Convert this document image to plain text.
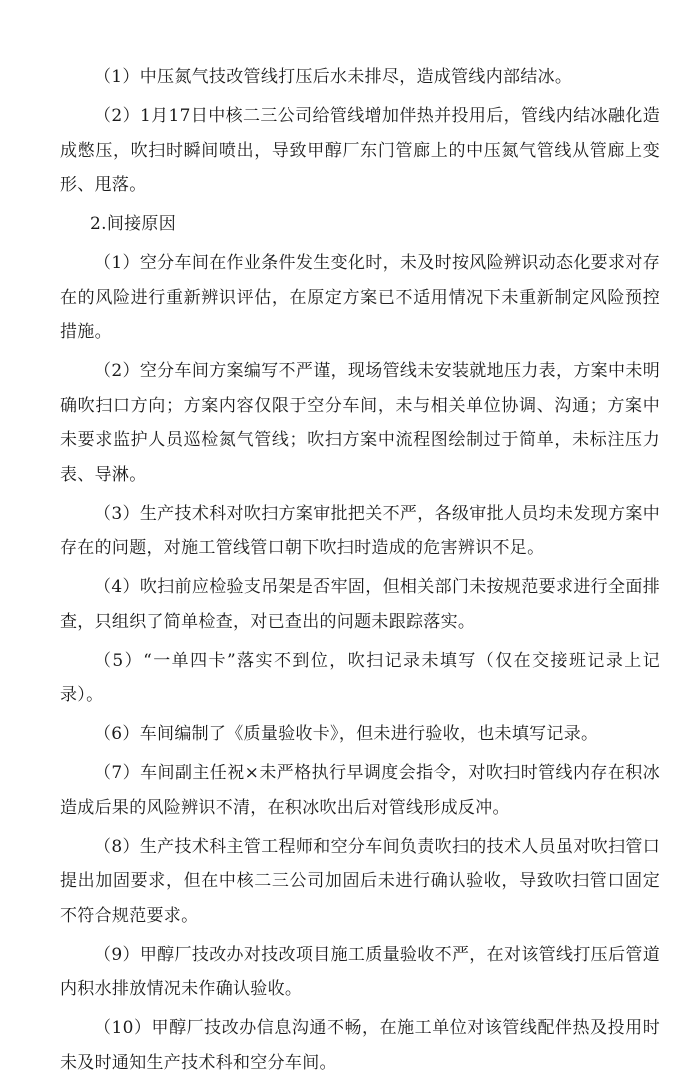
（1）中压氮气技改管线打压后水未排尽，造成管线内部结冰。

（2）1月17日中核二三公司给管线增加伴热并投用后，管线内结冰融化造成憋压，吹扫时瞬间喷出，导致甲醇厂东门管廊上的中压氮气管线从管廊上变形、甩落。

2.间接原因

（1）空分车间在作业条件发生变化时，未及时按风险辨识动态化要求对存在的风险进行重新辨识评估，在原定方案已不适用情况下未重新制定风险预控措施。

（2）空分车间方案编写不严谨，现场管线未安装就地压力表，方案中未明确吹扫口方向；方案内容仅限于空分车间，未与相关单位协调、沟通；方案中未要求监护人员巡检氮气管线；吹扫方案中流程图绘制过于简单，未标注压力表、导淋。

（3）生产技术科对吹扫方案审批把关不严，各级审批人员均未发现方案中存在的问题，对施工管线管口朝下吹扫时造成的危害辨识不足。

（4）吹扫前应检验支吊架是否牢固，但相关部门未按规范要求进行全面排查，只组织了简单检查，对已查出的问题未跟踪落实。

（5）“一单四卡”落实不到位，吹扫记录未填写（仅在交接班记录上记录）。

（6）车间编制了《质量验收卡》，但未进行验收，也未填写记录。

（7）车间副主任祝×未严格执行早调度会指令，对吹扫时管线内存在积冰造成后果的风险辨识不清，在积冰吹出后对管线形成反冲。

（8）生产技术科主管工程师和空分车间负责吹扫的技术人员虽对吹扫管口提出加固要求，但在中核二三公司加固后未进行确认验收，导致吹扫管口固定不符合规范要求。

（9）甲醇厂技改办对技改项目施工质量验收不严，在对该管线打压后管道内积水排放情况未作确认验收。

（10）甲醇厂技改办信息沟通不畅，在施工单位对该管线配伴热及投用时未及时通知生产技术科和空分车间。
